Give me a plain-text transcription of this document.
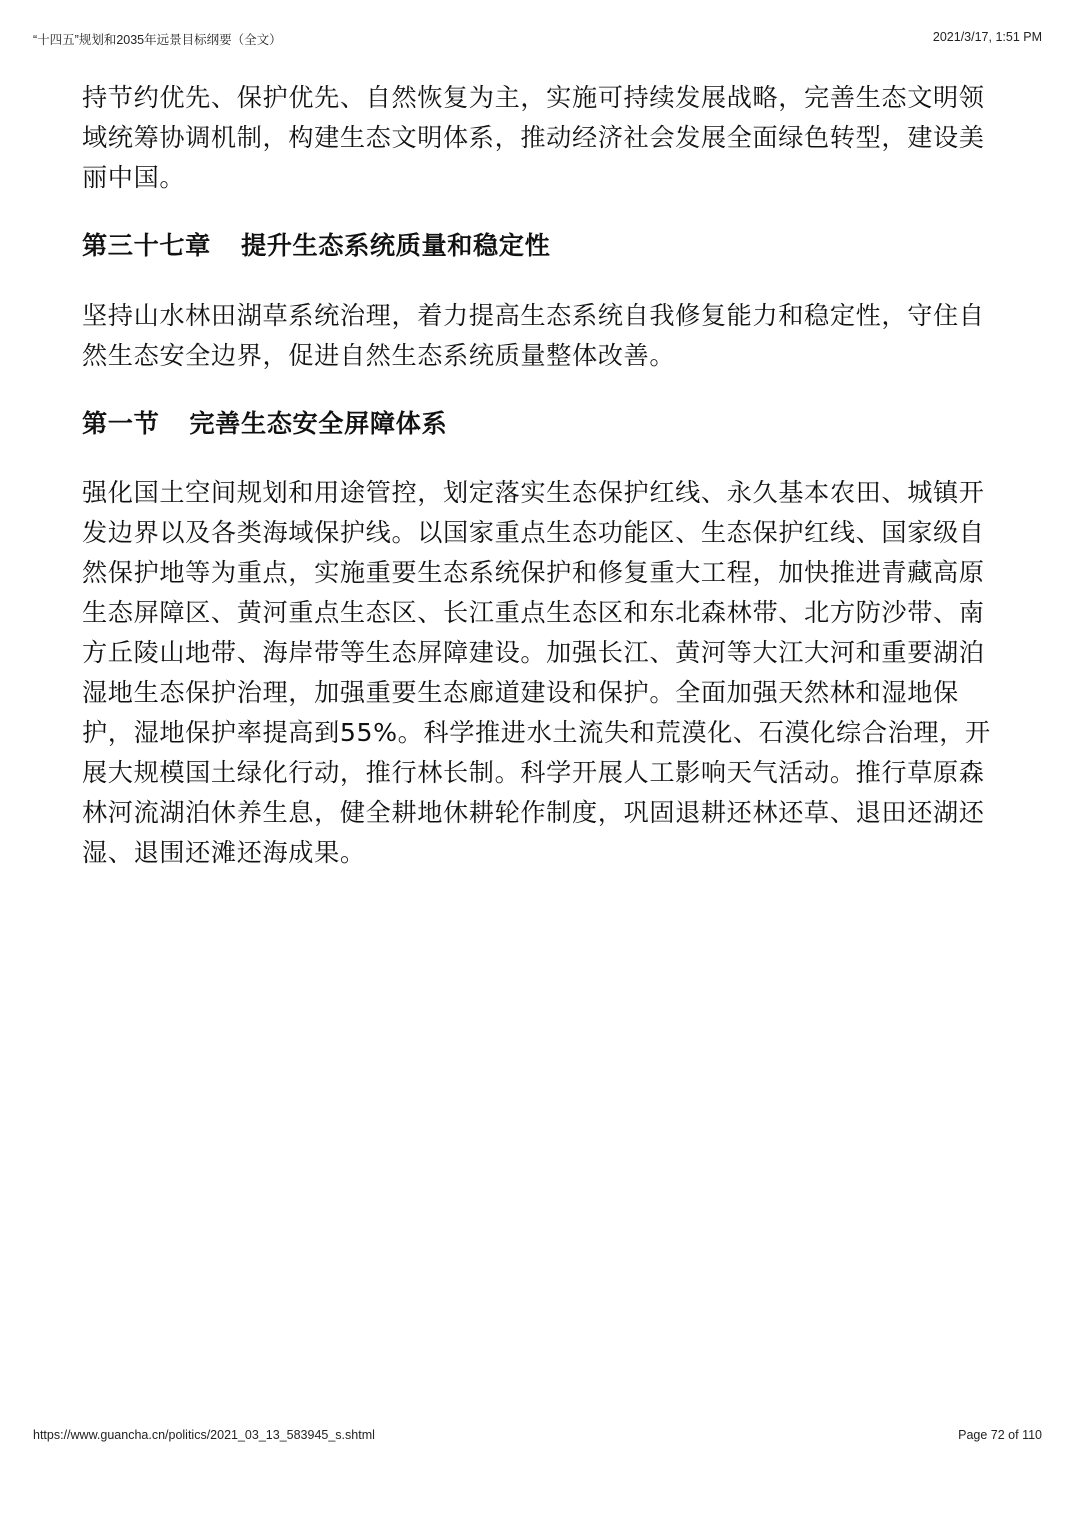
“十四五”规划和2035年远景目标纲要（全文）	2021/3/17, 1:51 PM

持节约优先、保护优先、自然恢复为主，实施可持续发展战略，完善生态文明领域统筹协调机制，构建生态文明体系，推动经济社会发展全面绿色转型，建设美丽中国。

第三十七章 提升生态系统质量和稳定性

坚持山水林田湖草系统治理，着力提高生态系统自我修复能力和稳定性，守住自然生态安全边界，促进自然生态系统质量整体改善。

第一节 完善生态安全屏障体系

强化国土空间规划和用途管控，划定落实生态保护红线、永久基本农田、城镇开发边界以及各类海域保护线。以国家重点生态功能区、生态保护红线、国家级自然保护地等为重点，实施重要生态系统保护和修复重大工程，加快推进青藏高原生态屏障区、黄河重点生态区、长江重点生态区和东北森林带、北方防沙带、南方丘陵山地带、海岸带等生态屏障建设。加强长江、黄河等大江大河和重要湖泊湿地生态保护治理，加强重要生态廊道建设和保护。全面加强天然林和湿地保护，湿地保护率提高到55%。科学推进水土流失和荒漠化、石漠化综合治理，开展大规模国土绿化行动，推行林长制。科学开展人工影响天气活动。推行草原森林河流湖泊休养生息，健全耕地休耕轮作制度，巩固退耕还林还草、退田还湖还湿、退围还滩还海成果。

https://www.guancha.cn/politics/2021_03_13_583945_s.shtml	Page 72 of 110
